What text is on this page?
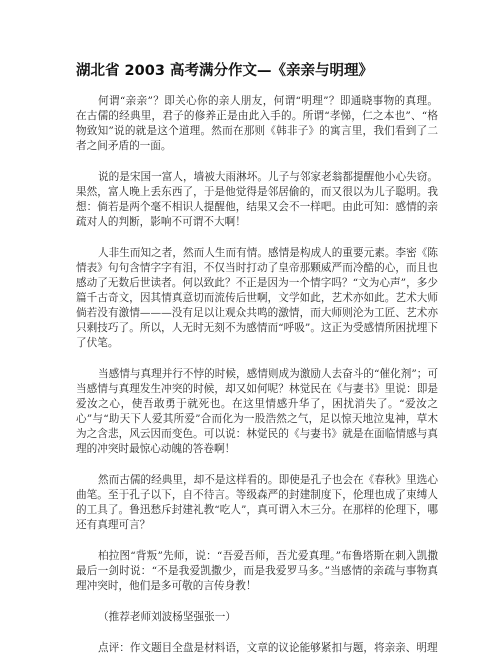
湖北省 2003 高考满分作文—《亲亲与明理》

何谓“亲亲”？即关心你的亲人朋友，何谓“明理”？即通晓事物的真理。在古儒的经典里，君子的修养正是由此入手的。所谓“孝悌，仁之本也”、“格物致知”说的就是这个道理。然而在那则《韩非子》的寓言里，我们看到了二者之间矛盾的一面。

说的是宋国一富人，墙被大雨淋坏。儿子与邻家老翁都提醒他小心失窃。果然，富人晚上丢东西了，于是他觉得是邻居偷的，而又很以为儿子聪明。我想：倘若是两个毫不相识人提醒他，结果又会不一样吧。由此可知：感情的亲疏对人的判断，影响不可谓不大啊！

人非生而知之者，然而人生而有情。感情是构成人的重要元素。李密《陈情表》句句含情字字有泪，不仅当时打动了皇帝那颗威严而冷酷的心，而且也感动了无数后世读者。何以致此？不正是因为一个情字吗？“文为心声”，多少篇千古奇文，因其情真意切而流传后世啊，文学如此，艺术亦如此。艺术大师倘若没有激情———没有足以让观众共鸣的激情，而大师则沦为工匠、艺术亦只剩技巧了。所以，人无时无刻不为感情而“呼吸”。这正为受感情所困扰埋下了伏笔。

当感情与真理并行不悖的时候，感情则成为激励人去奋斗的“催化剂”；可当感情与真理发生冲突的时候，却又如何呢？林觉民在《与妻书》里说：即是爱汝之心，使吾敢勇于就死也。在这里情感升华了，困扰消失了。“爱汝之心”与“助天下人爱其所爱”合而化为一股浩然之气，足以惊天地泣鬼神，草木为之含悲，风云因而变色。可以说：林觉民的《与妻书》就是在面临情感与真理的冲突时最惊心动魄的答卷啊！

然而古儒的经典里，却不是这样看的。即使是孔子也会在《春秋》里选心曲笔。至于孔子以下，自不待言。等级森严的封建制度下，伦理也成了束缚人的工具了。鲁迅愁斥封建礼教“吃人”，真可谓入木三分。在那样的伦理下，哪还有真理可言？

柏拉图“背叛”先师，说：“吾爱吾师，吾尤爱真理。”布鲁塔斯在刺入凯撒最后一剑时说：“不是我爱凯撒少，而是我爱罗马多。”当感情的亲疏与事物真理冲突时，他们是多可敬的言传身教！

（推荐老师刘波杨坚强张一）

点评：作文题目全盘是材料语，文章的议论能够紧扣与题，将亲亲、明理
